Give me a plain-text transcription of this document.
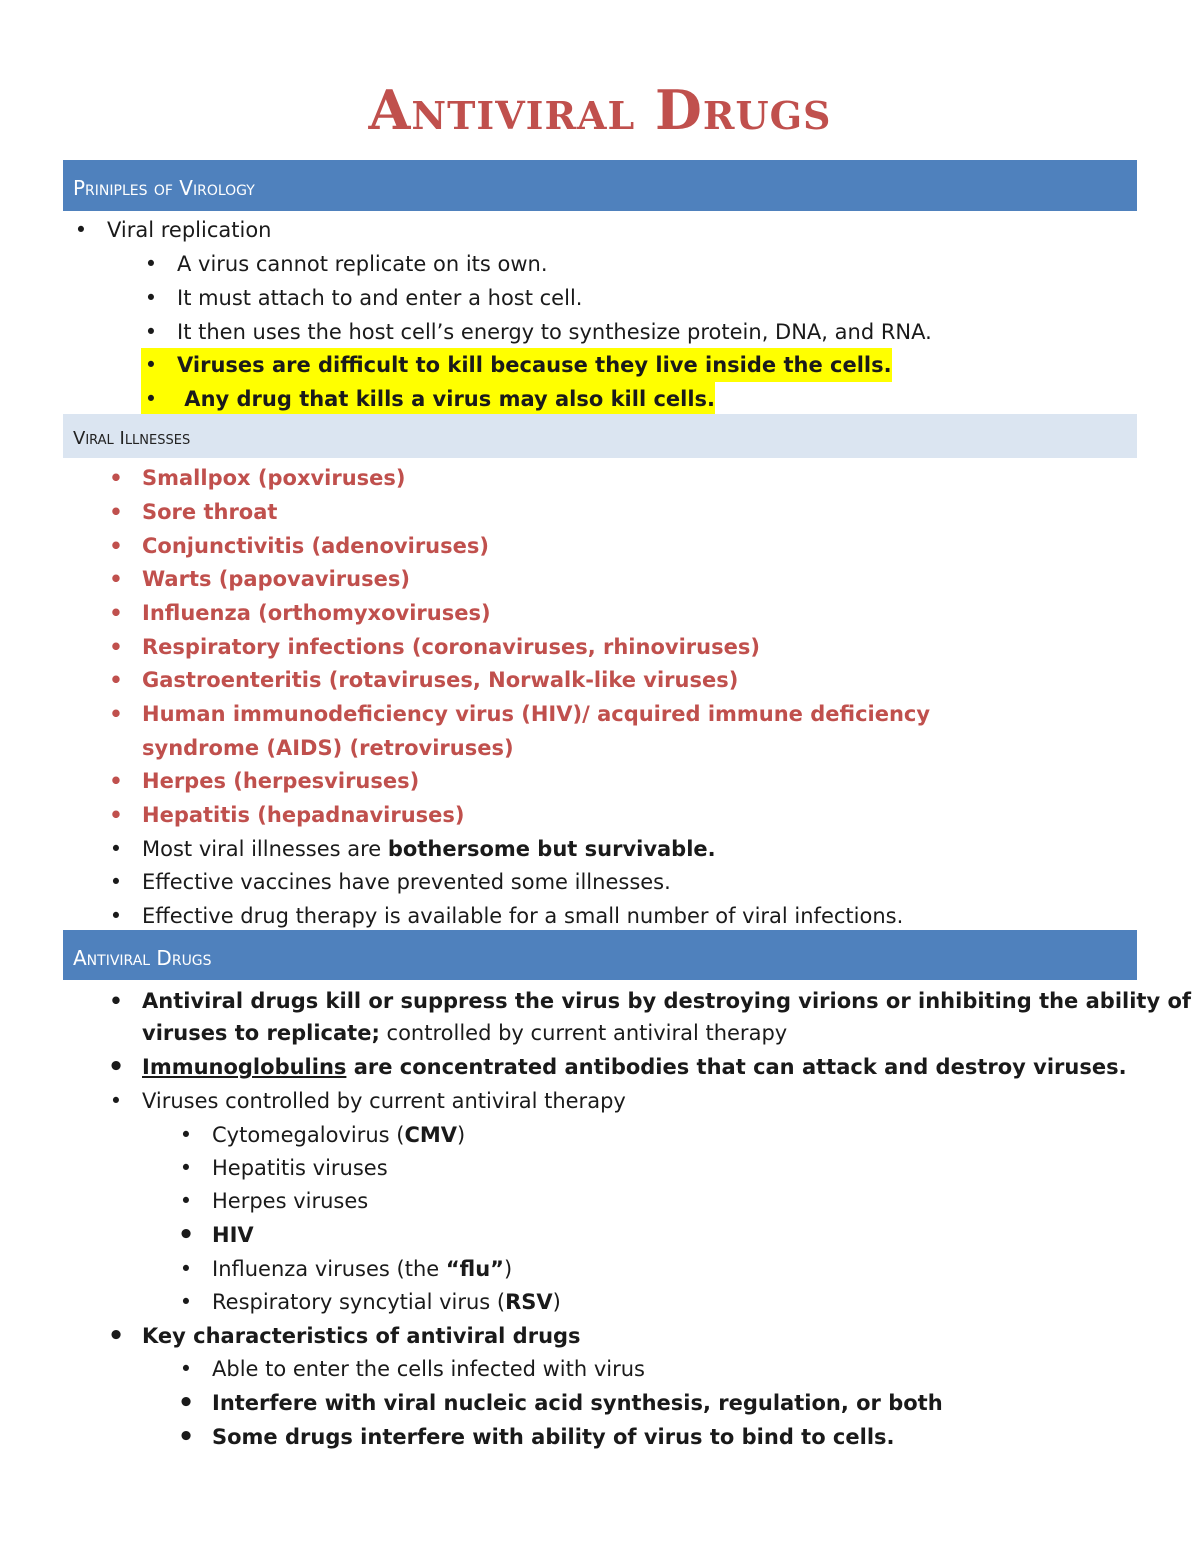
Antiviral Drugs
Priniples of Virology
• Viral replication
• A virus cannot replicate on its own.
• It must attach to and enter a host cell.
• It then uses the host cell’s energy to synthesize protein, DNA, and RNA.
• Viruses are difficult to kill because they live inside the cells.
• Any drug that kills a virus may also kill cells.
Viral Illnesses
• Smallpox (poxviruses)
• Sore throat
• Conjunctivitis (adenoviruses)
• Warts (papovaviruses)
• Influenza (orthomyxoviruses)
• Respiratory infections (coronaviruses, rhinoviruses)
• Gastroenteritis (rotaviruses, Norwalk-like viruses)
• Human immunodeficiency virus (HIV)/ acquired immune deficiency
syndrome (AIDS) (retroviruses)
• Herpes (herpesviruses)
• Hepatitis (hepadnaviruses)
• Most viral illnesses are bothersome but survivable.
• Effective vaccines have prevented some illnesses.
• Effective drug therapy is available for a small number of viral infections.
Antiviral Drugs
• Antiviral drugs kill or suppress the virus by destroying virions or inhibiting the ability of
viruses to replicate; controlled by current antiviral therapy
• Immunoglobulins are concentrated antibodies that can attack and destroy viruses.
• Viruses controlled by current antiviral therapy
• Cytomegalovirus (CMV)
• Hepatitis viruses
• Herpes viruses
• HIV
• Influenza viruses (the “flu”)
• Respiratory syncytial virus (RSV)
• Key characteristics of antiviral drugs
• Able to enter the cells infected with virus
• Interfere with viral nucleic acid synthesis, regulation, or both
• Some drugs interfere with ability of virus to bind to cells.
